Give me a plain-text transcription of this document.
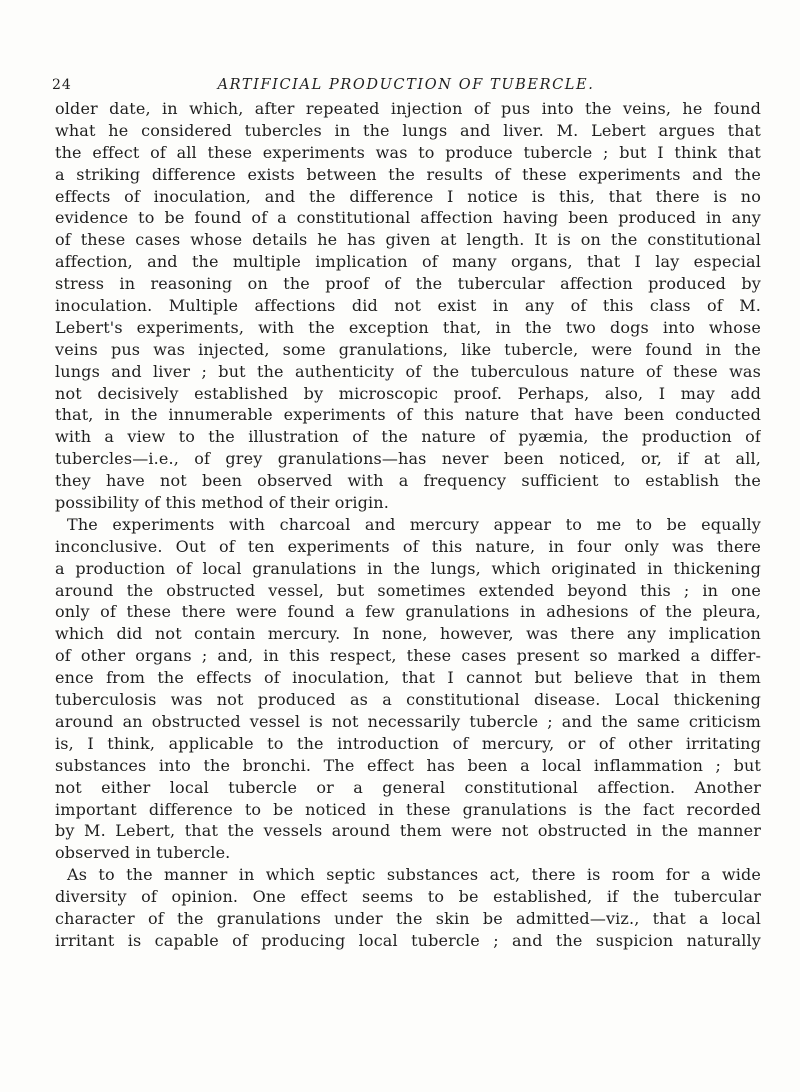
24	ARTIFICIAL PRODUCTION OF TUBERCLE.
older date, in which, after repeated injection of pus into the veins, he found
what he considered tubercles in the lungs and liver. M. Lebert argues that
the effect of all these experiments was to produce tubercle ; but I think that
a striking difference exists between the results of these experiments and the
effects of inoculation, and the difference I notice is this, that there is no
evidence to be found of a constitutional affection having been produced in any
of these cases whose details he has given at length. It is on the constitutional
affection, and the multiple implication of many organs, that I lay especial
stress in reasoning on the proof of the tubercular affection produced by
inoculation. Multiple affections did not exist in any of this class of M.
Lebert's experiments, with the exception that, in the two dogs into whose
veins pus was injected, some granulations, like tubercle, were found in the
lungs and liver ; but the authenticity of the tuberculous nature of these was
not decisively established by microscopic proof. Perhaps, also, I may add
that, in the innumerable experiments of this nature that have been conducted
with a view to the illustration of the nature of pyæmia, the production of
tubercles—i.e., of grey granulations—has never been noticed, or, if at all,
they have not been observed with a frequency sufficient to establish the
possibility of this method of their origin.
The experiments with charcoal and mercury appear to me to be equally
inconclusive. Out of ten experiments of this nature, in four only was there
a production of local granulations in the lungs, which originated in thickening
around the obstructed vessel, but sometimes extended beyond this ; in one
only of these there were found a few granulations in adhesions of the pleura,
which did not contain mercury. In none, however, was there any implication
of other organs ; and, in this respect, these cases present so marked a differ-
ence from the effects of inoculation, that I cannot but believe that in them
tuberculosis was not produced as a constitutional disease. Local thickening
around an obstructed vessel is not necessarily tubercle ; and the same criticism
is, I think, applicable to the introduction of mercury, or of other irritating
substances into the bronchi. The effect has been a local inflammation ; but
not either local tubercle or a general constitutional affection. Another
important difference to be noticed in these granulations is the fact recorded
by M. Lebert, that the vessels around them were not obstructed in the manner
observed in tubercle.
As to the manner in which septic substances act, there is room for a wide
diversity of opinion. One effect seems to be established, if the tubercular
character of the granulations under the skin be admitted—viz., that a local
irritant is capable of producing local tubercle ; and the suspicion naturally
